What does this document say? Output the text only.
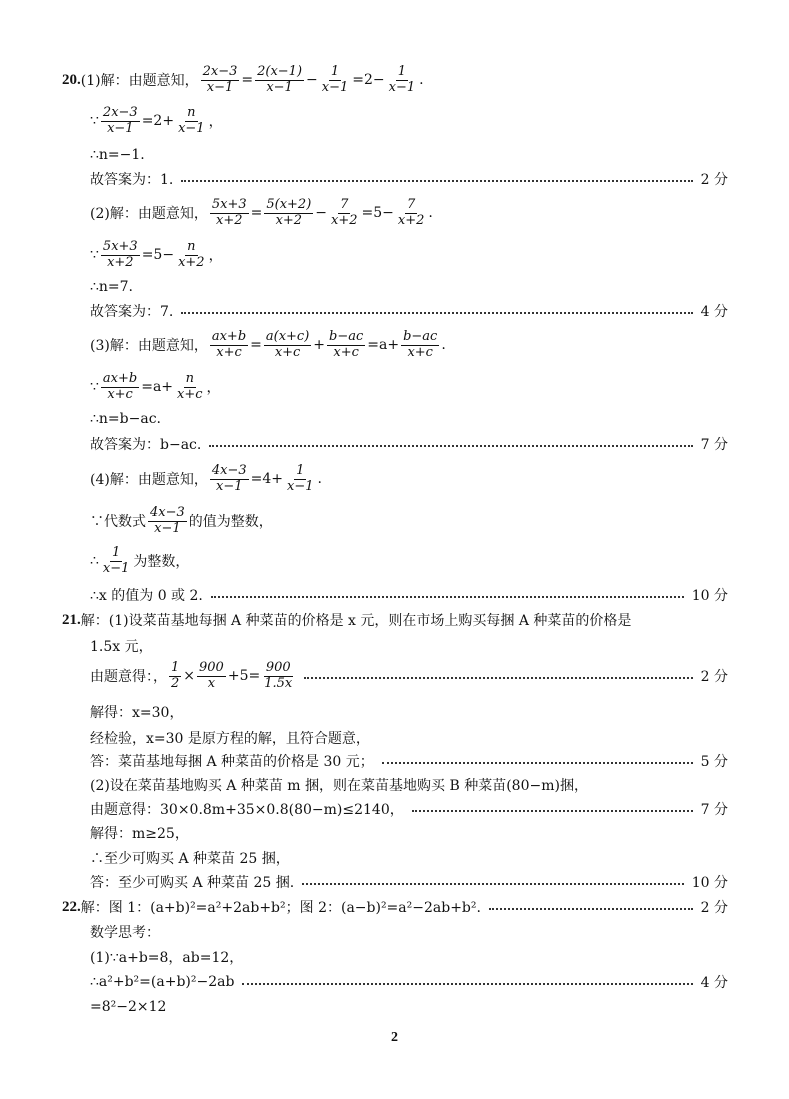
20. (1)解：由题意知， $\frac{2x-3}{x-1} = \frac{2(x-1)}{x-1} - \frac{1}{x-1} =2- \frac{1}{x-1}$ .
∵ $\frac{2x-3}{x-1} =2+ \frac{n}{x-1}$ ，
∴n=−1.
故答案为：1.	2 分
(2)解：由题意知， $\frac{5x+3}{x+2} = \frac{5(x+2)}{x+2} - \frac{7}{x+2} =5- \frac{7}{x+2}$ .
∵ $\frac{5x+3}{x+2} =5- \frac{n}{x+2}$ ，
∴n=7.
故答案为：7.	4 分
(3)解：由题意知， $\frac{ax+b}{x+c} = \frac{a(x+c)}{x+c} + \frac{b-ac}{x+c} =a+ \frac{b-ac}{x+c}$ .
∵ $\frac{ax+b}{x+c} =a+ \frac{n}{x+c}$ ，
∴n=b−ac.
故答案为：b−ac.	7 分
(4)解：由题意知， $\frac{4x-3}{x-1} =4+ \frac{1}{x-1}$ .
∵代数式 $\frac{4x-3}{x-1}$ 的值为整数，
∴ $\frac{1}{x-1}$ 为整数，
∴x 的值为 0 或 2.	10 分
21. 解：(1)设菜苗基地每捆 A 种菜苗的价格是 x 元，则在市场上购买每捆 A 种菜苗的价格是
1.5x 元，
由题意得：， $\frac{1}{2} \times \frac{900}{x} +5= \frac{900}{1.5x}$	2 分
解得：x=30，
经检验，x=30 是原方程的解，且符合题意，
答：菜苗基地每捆 A 种菜苗的价格是 30 元；	5 分
(2)设在菜苗基地购买 A 种菜苗 m 捆，则在菜苗基地购买 B 种菜苗(80−m)捆，
由题意得：30×0.8m+35×0.8(80−m)≤2140，	7 分
解得：m≥25，
∴至少可购买 A 种菜苗 25 捆，
答：至少可购买 A 种菜苗 25 捆.	10 分
22. 解：图 1：(a+b)²=a²+2ab+b²；图 2：(a−b)²=a²−2ab+b².	2 分
数学思考：
(1)∵a+b=8，ab=12，
∴a²+b²=(a+b)²−2ab	4 分
=8²−2×12
2
